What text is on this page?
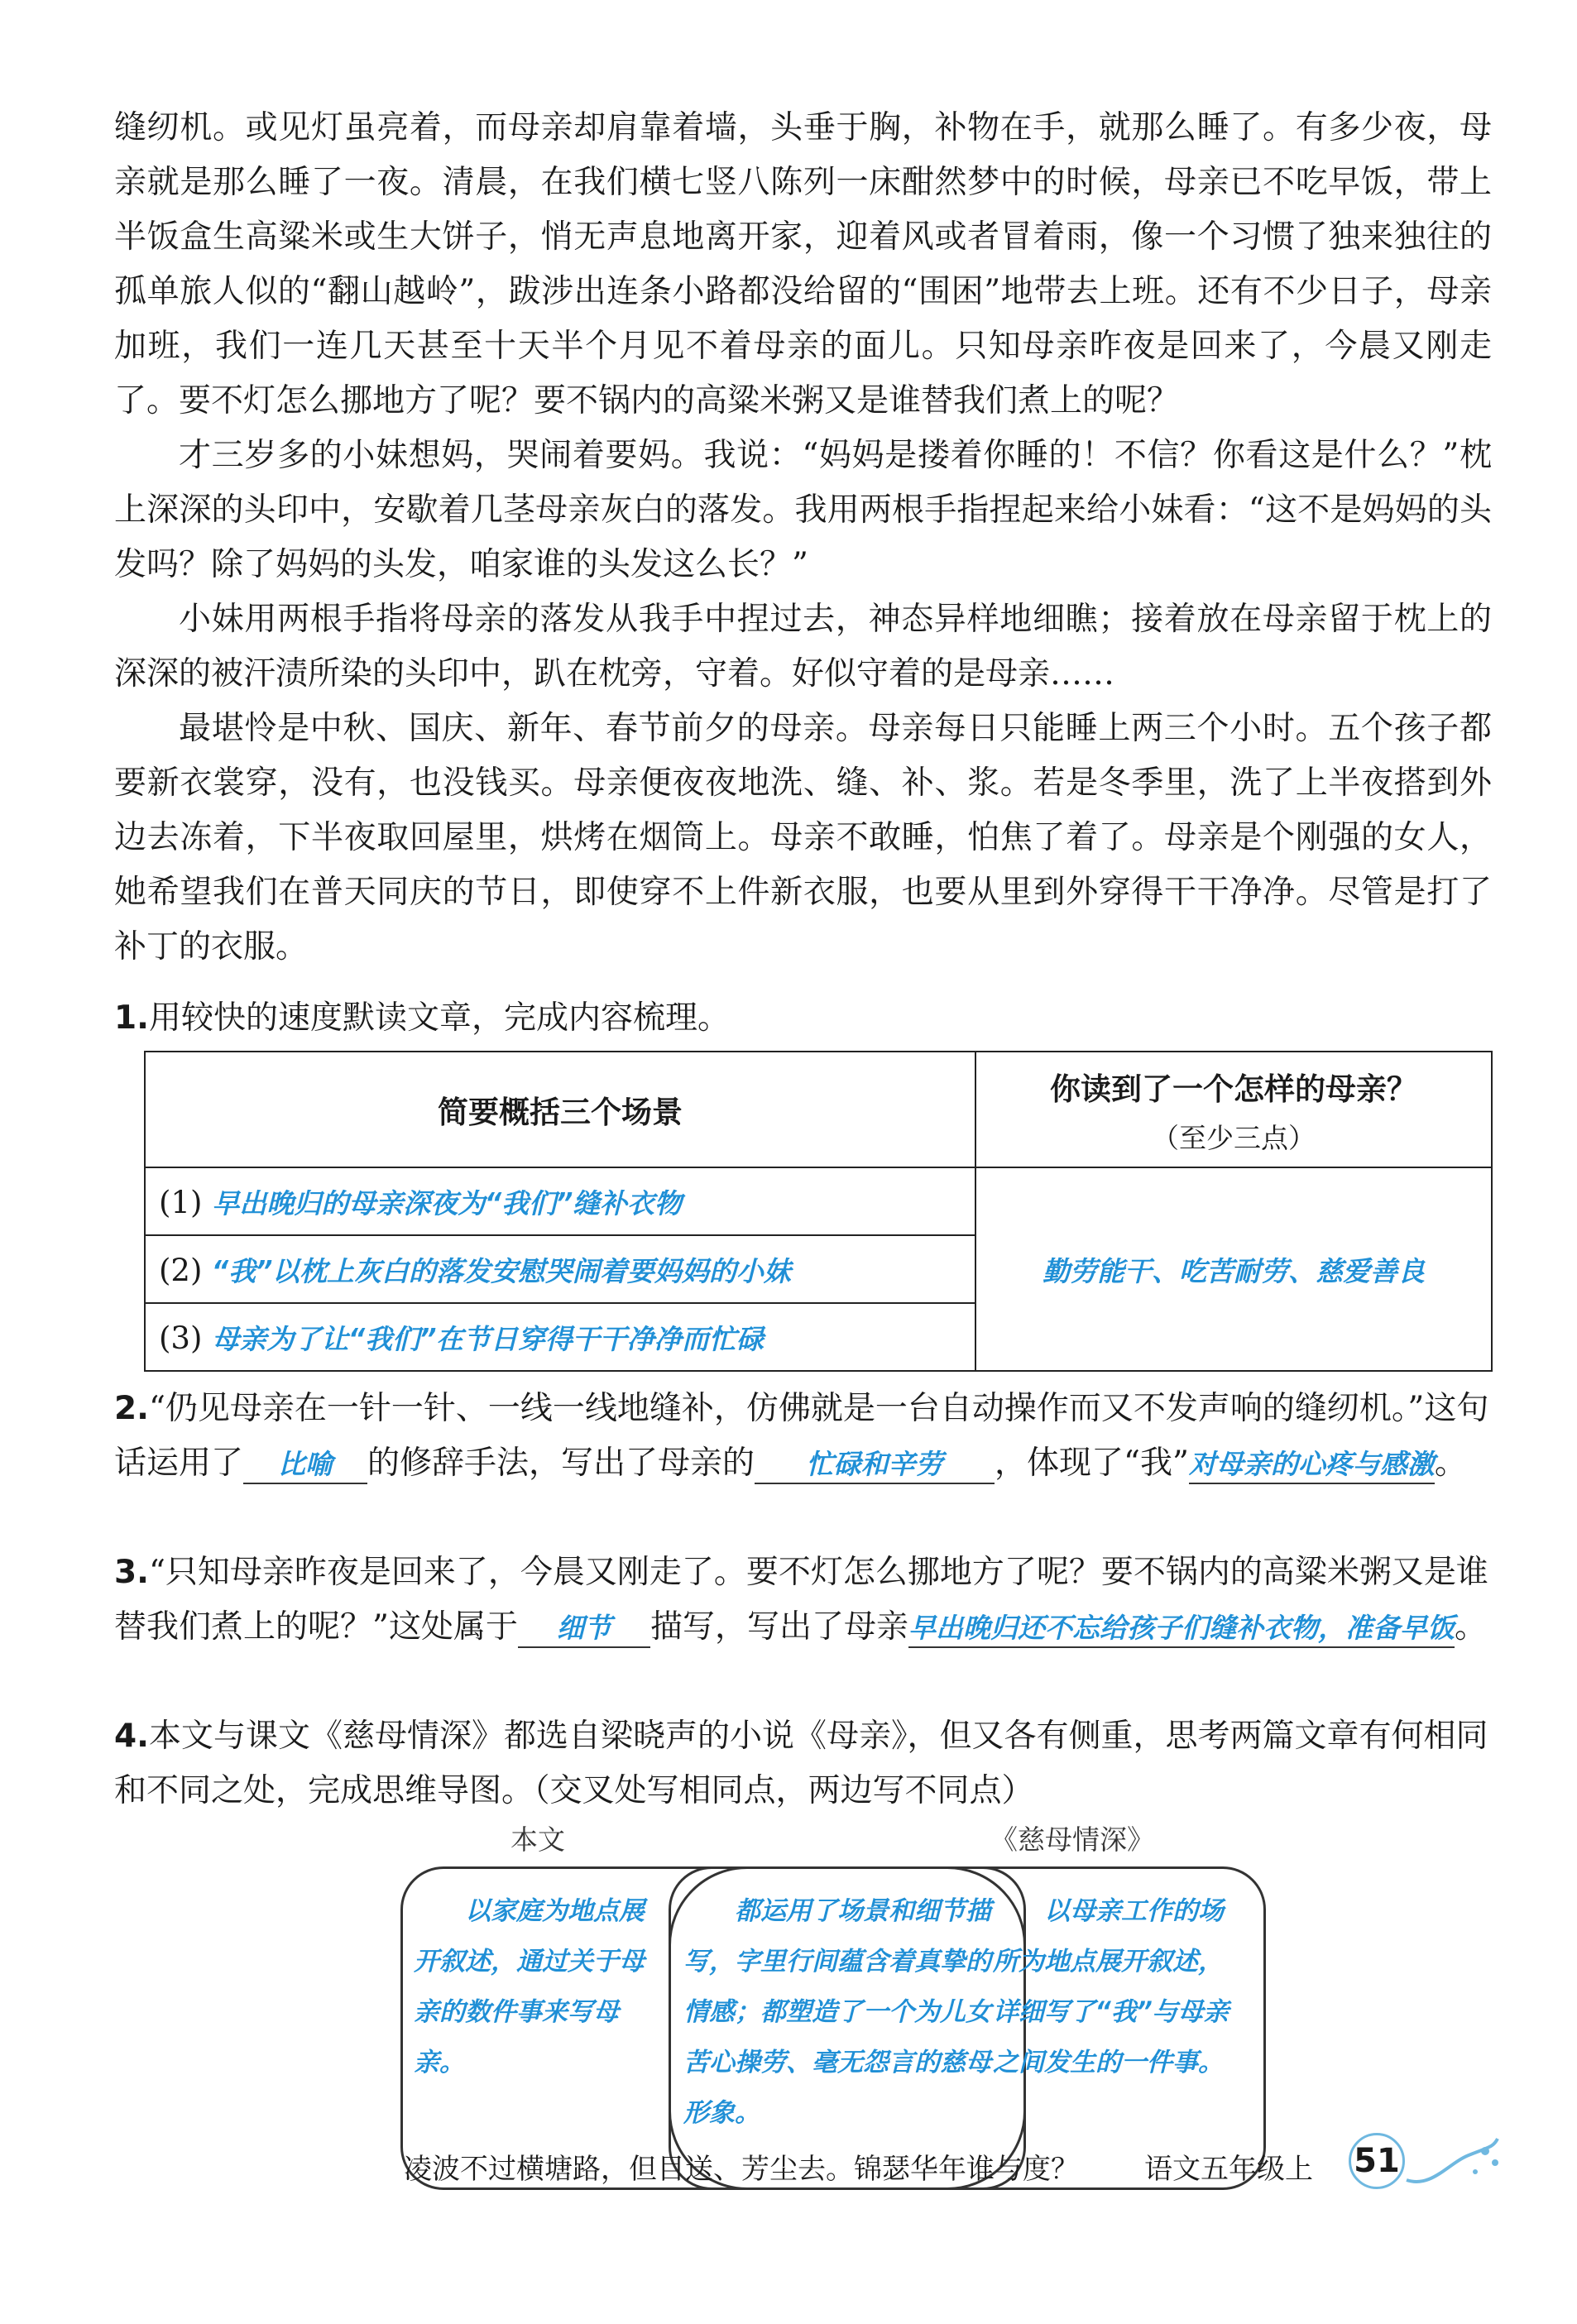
缝纫机。或见灯虽亮着，而母亲却肩靠着墙，头垂于胸，补物在手，就那么睡了。有多少夜，母亲就是那么睡了一夜。清晨，在我们横七竖八陈列一床酣然梦中的时候，母亲已不吃早饭，带上半饭盒生高粱米或生大饼子，悄无声息地离开家，迎着风或者冒着雨，像一个习惯了独来独往的孤单旅人似的“翻山越岭”，跋涉出连条小路都没给留的“围困”地带去上班。还有不少日子，母亲加班，我们一连几天甚至十天半个月见不着母亲的面儿。只知母亲昨夜是回来了，今晨又刚走了。要不灯怎么挪地方了呢？要不锅内的高粱米粥又是谁替我们煮上的呢？

才三岁多的小妹想妈，哭闹着要妈。我说：“妈妈是搂着你睡的！不信？你看这是什么？”枕上深深的头印中，安歇着几茎母亲灰白的落发。我用两根手指捏起来给小妹看：“这不是妈妈的头发吗？除了妈妈的头发，咱家谁的头发这么长？”

小妹用两根手指将母亲的落发从我手中捏过去，神态异样地细瞧；接着放在母亲留于枕上的深深的被汗渍所染的头印中，趴在枕旁，守着。好似守着的是母亲……

最堪怜是中秋、国庆、新年、春节前夕的母亲。母亲每日只能睡上两三个小时。五个孩子都要新衣裳穿，没有，也没钱买。母亲便夜夜地洗、缝、补、浆。若是冬季里，洗了上半夜搭到外边去冻着，下半夜取回屋里，烘烤在烟筒上。母亲不敢睡，怕焦了着了。母亲是个刚强的女人，她希望我们在普天同庆的节日，即使穿不上件新衣服，也要从里到外穿得干干净净。尽管是打了补丁的衣服。

1.用较快的速度默读文章，完成内容梳理。
简要概括三个场景	你读到了一个怎样的母亲？
（至少三点）

(1) 早出晚归的母亲深夜为“我们”缝补衣物	勤劳能干、吃苦耐劳、慈爱善良
(2) “我”以枕上灰白的落发安慰哭闹着要妈妈的小妹	
(3) 母亲为了让“我们”在节日穿得干干净净而忙碌	
2.“仍见母亲在一针一针、一线一线地缝补，仿佛就是一台自动操作而又不发声响的缝纫机。”这句话运用了 比喻 的修辞手法，写出了母亲的 忙碌和辛劳 ，体现了“我”对母亲的心疼与感激。
3.“只知母亲昨夜是回来了，今晨又刚走了。要不灯怎么挪地方了呢？要不锅内的高粱米粥又是谁替我们煮上的呢？”这处属于 细节 描写，写出了母亲早出晚归还不忘给孩子们缝补衣物，准备早饭。
4.本文与课文《慈母情深》都选自梁晓声的小说《母亲》，但又各有侧重，思考两篇文章有何相同和不同之处，完成思维导图。（交叉处写相同点，两边写不同点）
本文	《慈母情深》
以家庭为地点展开叙述，通过关于母亲的数件事来写母亲。
都运用了场景和细节描写，字里行间蕴含着真挚的情感；都塑造了一个为儿女苦心操劳、毫无怨言的慈母形象。
以母亲工作的场所为地点展开叙述，详细写了“我”与母亲之间发生的一件事。
凌波不过横塘路，但目送、芳尘去。锦瑟华年谁与度？ 语文五年级上 51
